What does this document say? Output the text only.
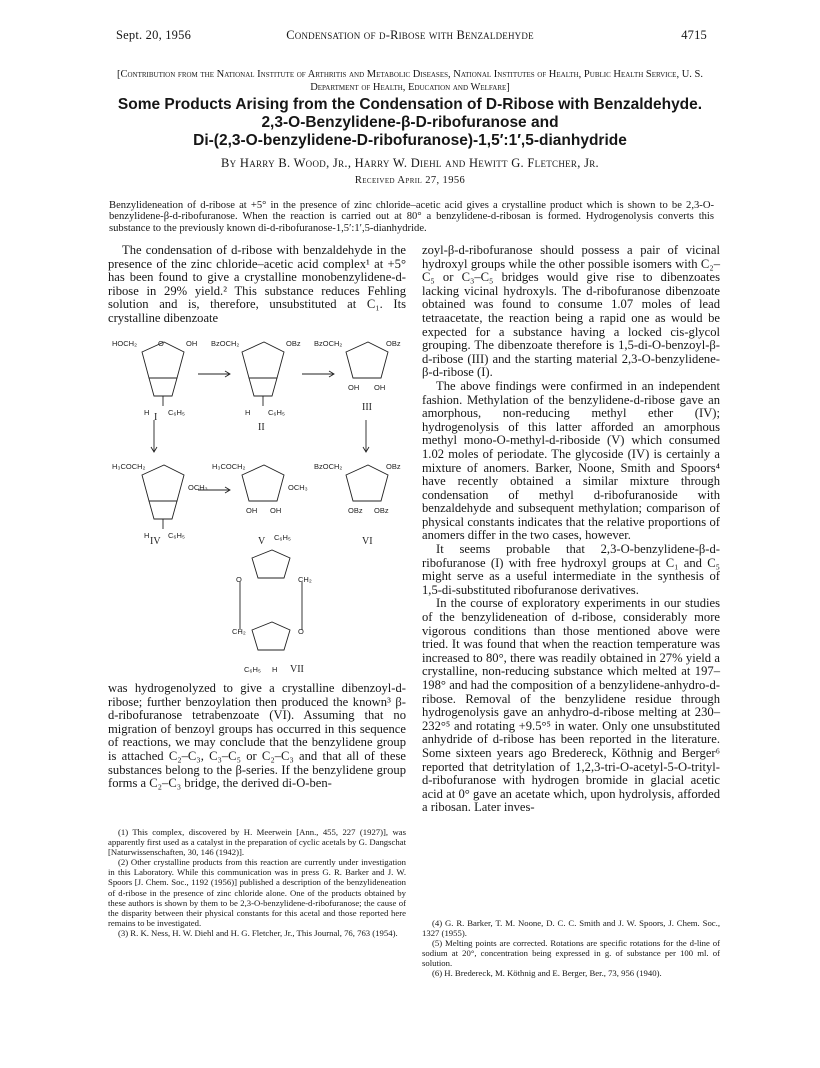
Sept. 20, 1956	Condensation of d-Ribose with Benzaldehyde	4715
[Contribution from the National Institute of Arthritis and Metabolic Diseases, National Institutes of Health, Public Health Service, U. S. Department of Health, Education and Welfare]
Some Products Arising from the Condensation of D-Ribose with Benzaldehyde.
2,3-O-Benzylidene-β-D-ribofuranose and
Di-(2,3-O-benzylidene-D-ribofuranose)-1,5′:1′,5-dianhydride
By Harry B. Wood, Jr., Harry W. Diehl and Hewitt G. Fletcher, Jr.
Received April 27, 1956
Benzylideneation of d-ribose at +5° in the presence of zinc chloride–acetic acid gives a crystalline product which is shown to be 2,3-O-benzylidene-β-d-ribofuranose. When the reaction is carried out at 80° a benzylidene-d-ribosan is formed. Hydrogenolysis converts this substance to the previously known di-d-ribofuranose-1,5′:1′,5-dianhydride.

The condensation of d-ribose with benzaldehyde in the presence of the zinc chloride–acetic acid complex¹ at +5° has been found to give a crystalline monobenzylidene-d-ribose in 29% yield.² This substance reduces Fehling solution and is, therefore, unsubstituted at C₁. Its crystalline dibenzoate

HOCH₂	O	OH BzOCH₂	OBz BzOCH₂	OBz
H C₆H₅	H C₆H₅
OH OH
I
II
III
H₃COCH₂	H₃COCH₂
OCH₃	OCH₃
BzOCH₂	OBz
OH OH	OBz OBz
H C₆H₅
IV	V	VI
C₆H₅
O	CH₂
CH₂	O
C₆H₅ H VII

was hydrogenolyzed to give a crystalline dibenzoyl-d-ribose; further benzoylation then produced the known³ β-d-ribofuranose tetrabenzoate (VI). Assuming that no migration of benzoyl groups has occurred in this sequence of reactions, we may conclude that the benzylidene group is attached C₂–C₃, C₃–C₅ or C₂–C₃ and that all of these substances belong to the β-series. If the benzylidene group forms a C₂–C₃ bridge, the derived di-O-ben-

(1) This complex, discovered by H. Meerwein [Ann., 455, 227 (1927)], was apparently first used as a catalyst in the preparation of cyclic acetals by G. Dangschat [Naturwissenschaften, 30, 146 (1942)].

(2) Other crystalline products from this reaction are currently under investigation in this Laboratory. While this communication was in press G. R. Barker and J. W. Spoors [J. Chem. Soc., 1192 (1956)] published a description of the benzylideneation of d-ribose in the presence of zinc chloride alone. One of the products obtained by these authors is shown by them to be 2,3-O-benzylidene-d-ribofuranose; the cause of the disparity between their physical constants for this acetal and those reported here remains to be investigated.

(3) R. K. Ness, H. W. Diehl and H. G. Fletcher, Jr., This Journal, 76, 763 (1954).

zoyl-β-d-ribofuranose should possess a pair of vicinal hydroxyl groups while the other possible isomers with C₂–C₅ or C₃–C₅ bridges would give rise to dibenzoates lacking vicinal hydroxyls. The d-ribofuranose dibenzoate obtained was found to consume 1.07 moles of lead tetraacetate, the reaction being a rapid one as would be expected for a substance having a locked cis-glycol grouping. The dibenzoate therefore is 1,5-di-O-benzoyl-β-d-ribose (III) and the starting material 2,3-O-benzylidene-β-d-ribose (I).

The above findings were confirmed in an independent fashion. Methylation of the benzylidene-d-ribose gave an amorphous, non-reducing methyl ether (IV); hydrogenolysis of this latter afforded an amorphous methyl mono-O-methyl-d-riboside (V) which consumed 1.02 moles of periodate. The glycoside (IV) is certainly a mixture of anomers. Barker, Noone, Smith and Spoors⁴ have recently obtained a similar mixture through condensation of methyl d-ribofuranoside with benzaldehyde and subsequent methylation; comparison of physical constants indicates that the relative proportions of anomers differ in the two cases, however.

It seems probable that 2,3-O-benzylidene-β-d-ribofuranose (I) with free hydroxyl groups at C₁ and C₅ might serve as a useful intermediate in the synthesis of 1,5-di-substituted ribofuranose derivatives.

In the course of exploratory experiments in our studies of the benzylideneation of d-ribose, considerably more vigorous conditions than those mentioned above were tried. It was found that when the reaction temperature was increased to 80°, there was readily obtained in 27% yield a crystalline, non-reducing substance which melted at 197–198° and had the composition of a benzylidene-anhydro-d-ribose. Removal of the benzylidene residue through hydrogenolysis gave an anhydro-d-ribose melting at 230–232°⁵ and rotating +9.5°⁵ in water. Only one unsubstituted anhydride of d-ribose has been reported in the literature. Some sixteen years ago Bredereck, Köthnig and Berger⁶ reported that detritylation of 1,2,3-tri-O-acetyl-5-O-trityl-d-ribofuranose with hydrogen bromide in glacial acetic acid at 0° gave an acetate which, upon hydrolysis, afforded a ribosan. Later inves-

(4) G. R. Barker, T. M. Noone, D. C. C. Smith and J. W. Spoors, J. Chem. Soc., 1327 (1955).

(5) Melting points are corrected. Rotations are specific rotations for the d-line of sodium at 20°, concentration being expressed in g. of substance per 100 ml. of solution.

(6) H. Bredereck, M. Köthnig and E. Berger, Ber., 73, 956 (1940).
